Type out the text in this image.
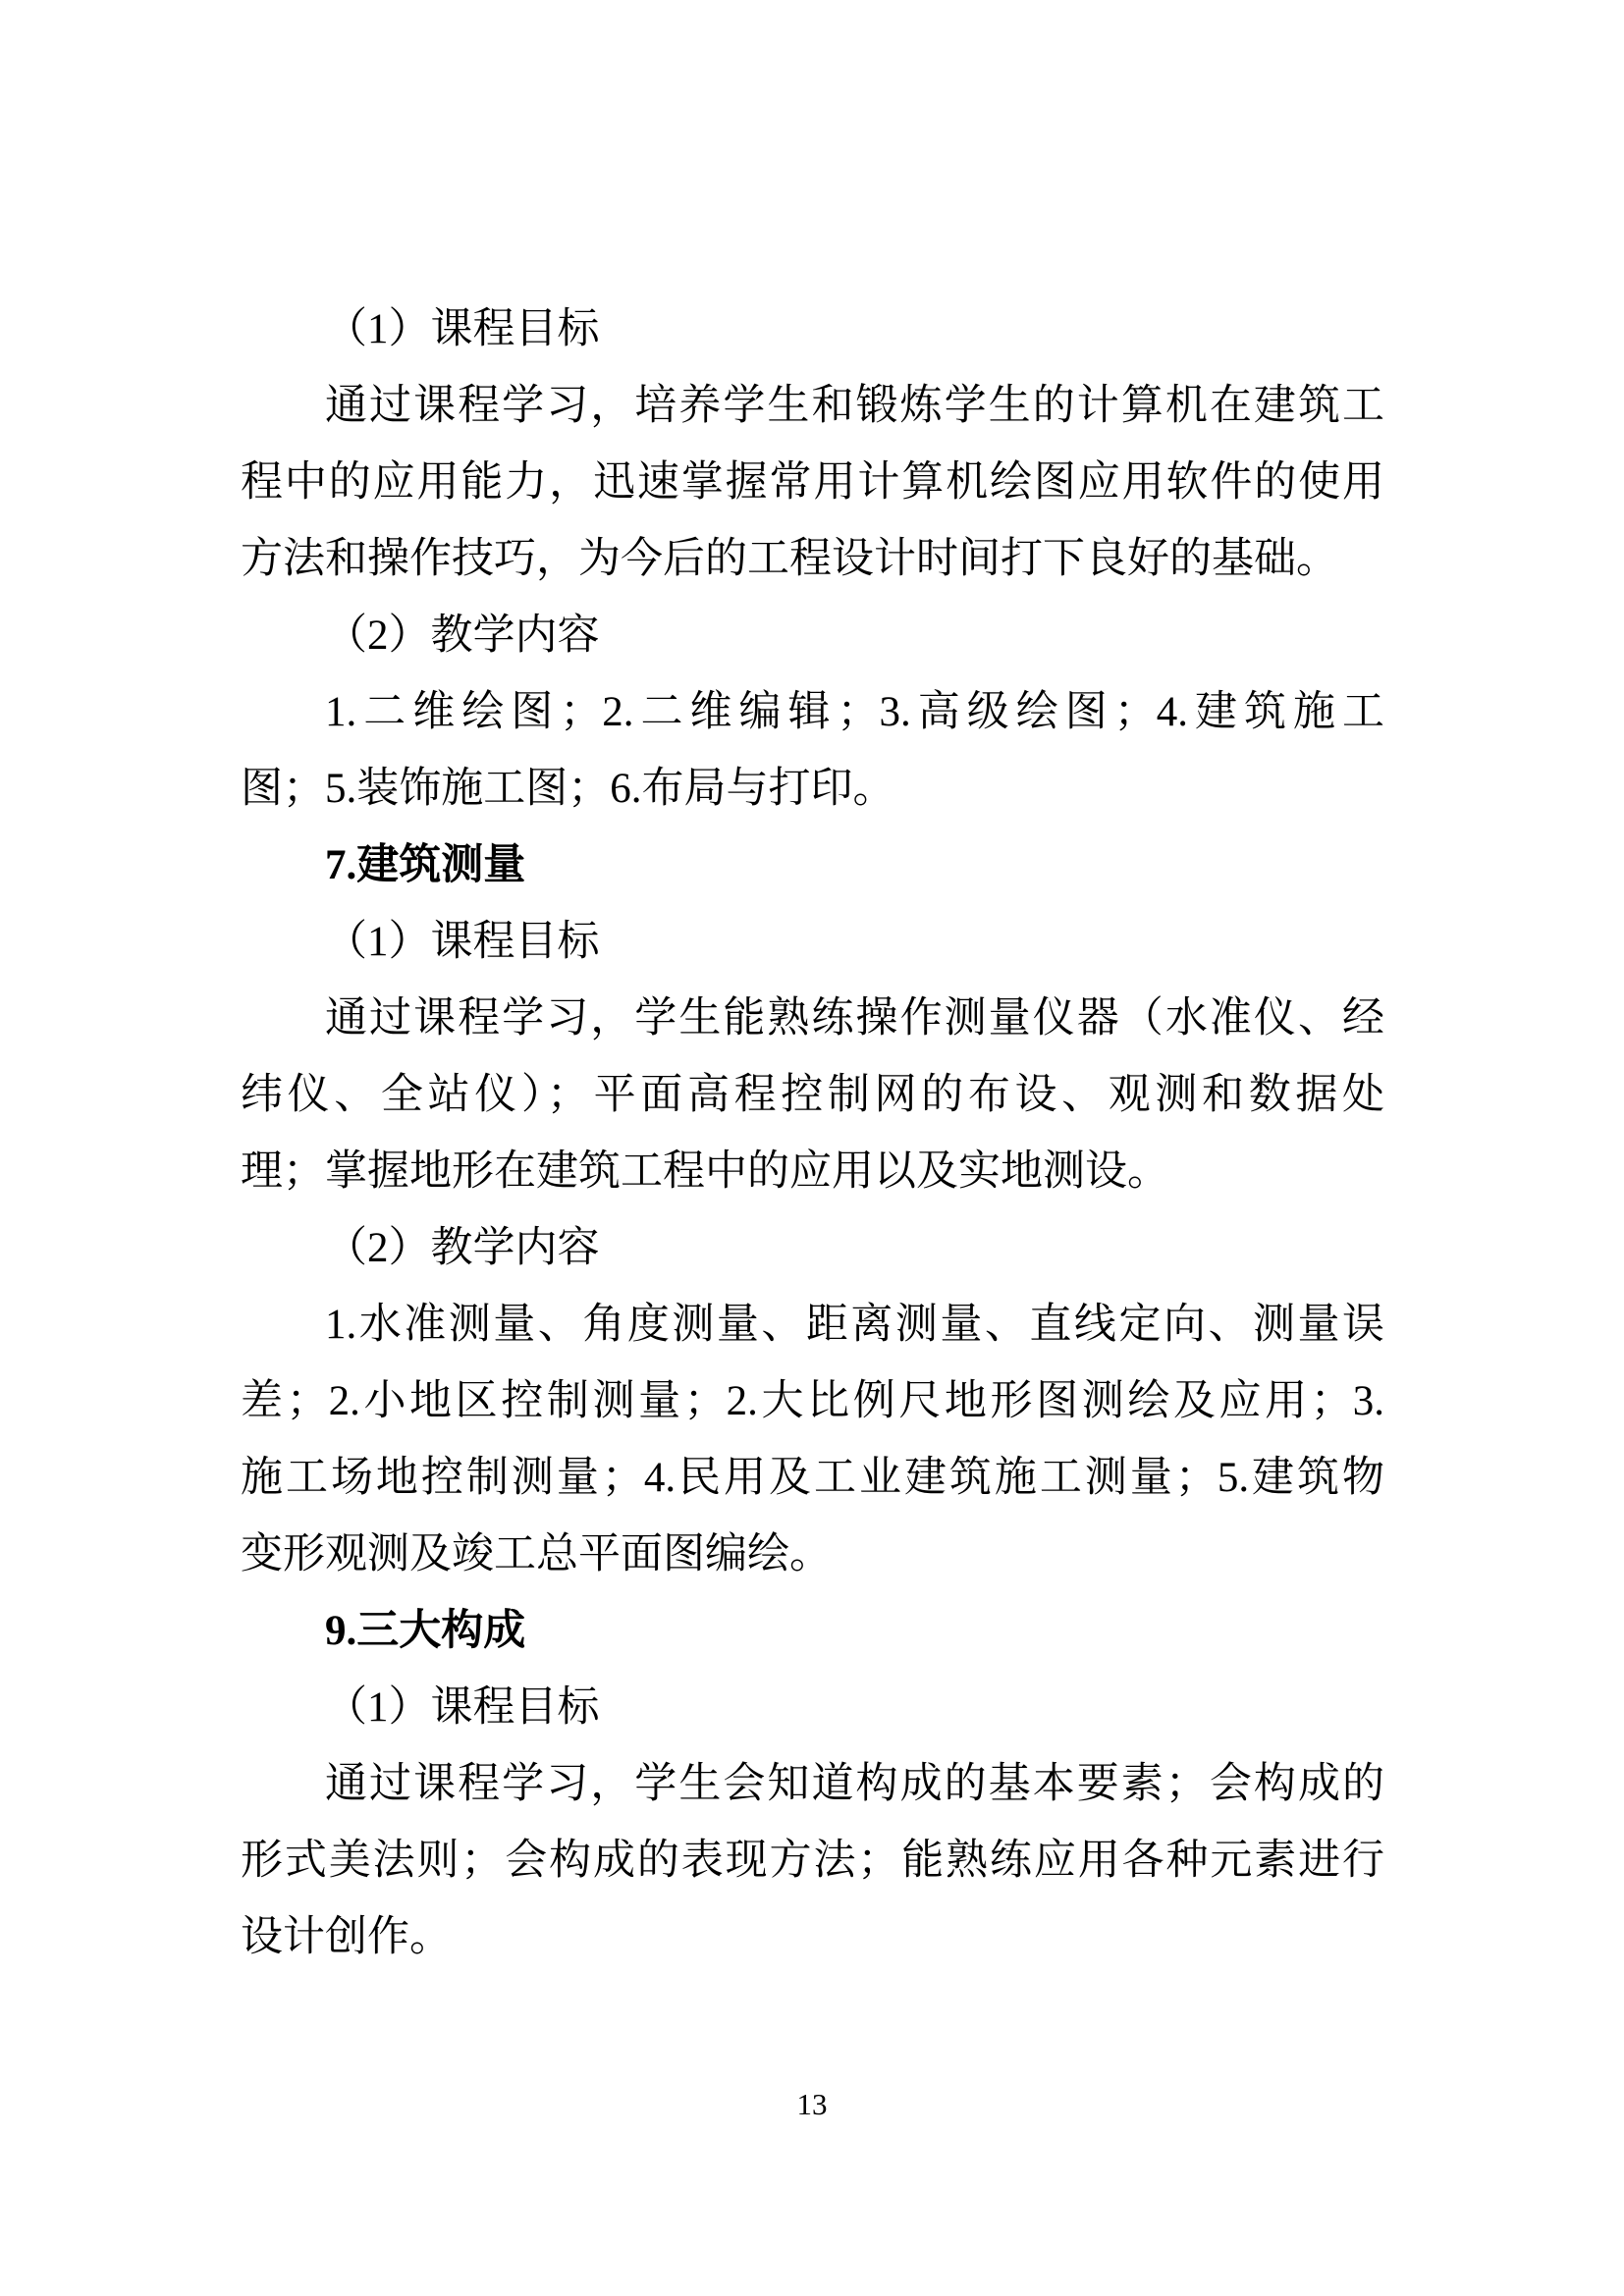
（1）课程目标
通过课程学习，培养学生和锻炼学生的计算机在建筑工
程中的应用能力，迅速掌握常用计算机绘图应用软件的使用
方法和操作技巧，为今后的工程设计时间打下良好的基础。
（2）教学内容
1.二维绘图；2.二维编辑；3.高级绘图；4.建筑施工
图；5.装饰施工图；6.布局与打印。
7.建筑测量
（1）课程目标
通过课程学习，学生能熟练操作测量仪器（水准仪、经
纬仪、全站仪）；平面高程控制网的布设、观测和数据处
理；掌握地形在建筑工程中的应用以及实地测设。
（2）教学内容
1.水准测量、角度测量、距离测量、直线定向、测量误
差；2.小地区控制测量；2.大比例尺地形图测绘及应用；3.
施工场地控制测量；4.民用及工业建筑施工测量；5.建筑物
变形观测及竣工总平面图编绘。
9.三大构成
（1）课程目标
通过课程学习，学生会知道构成的基本要素；会构成的
形式美法则；会构成的表现方法；能熟练应用各种元素进行
设计创作。
13
